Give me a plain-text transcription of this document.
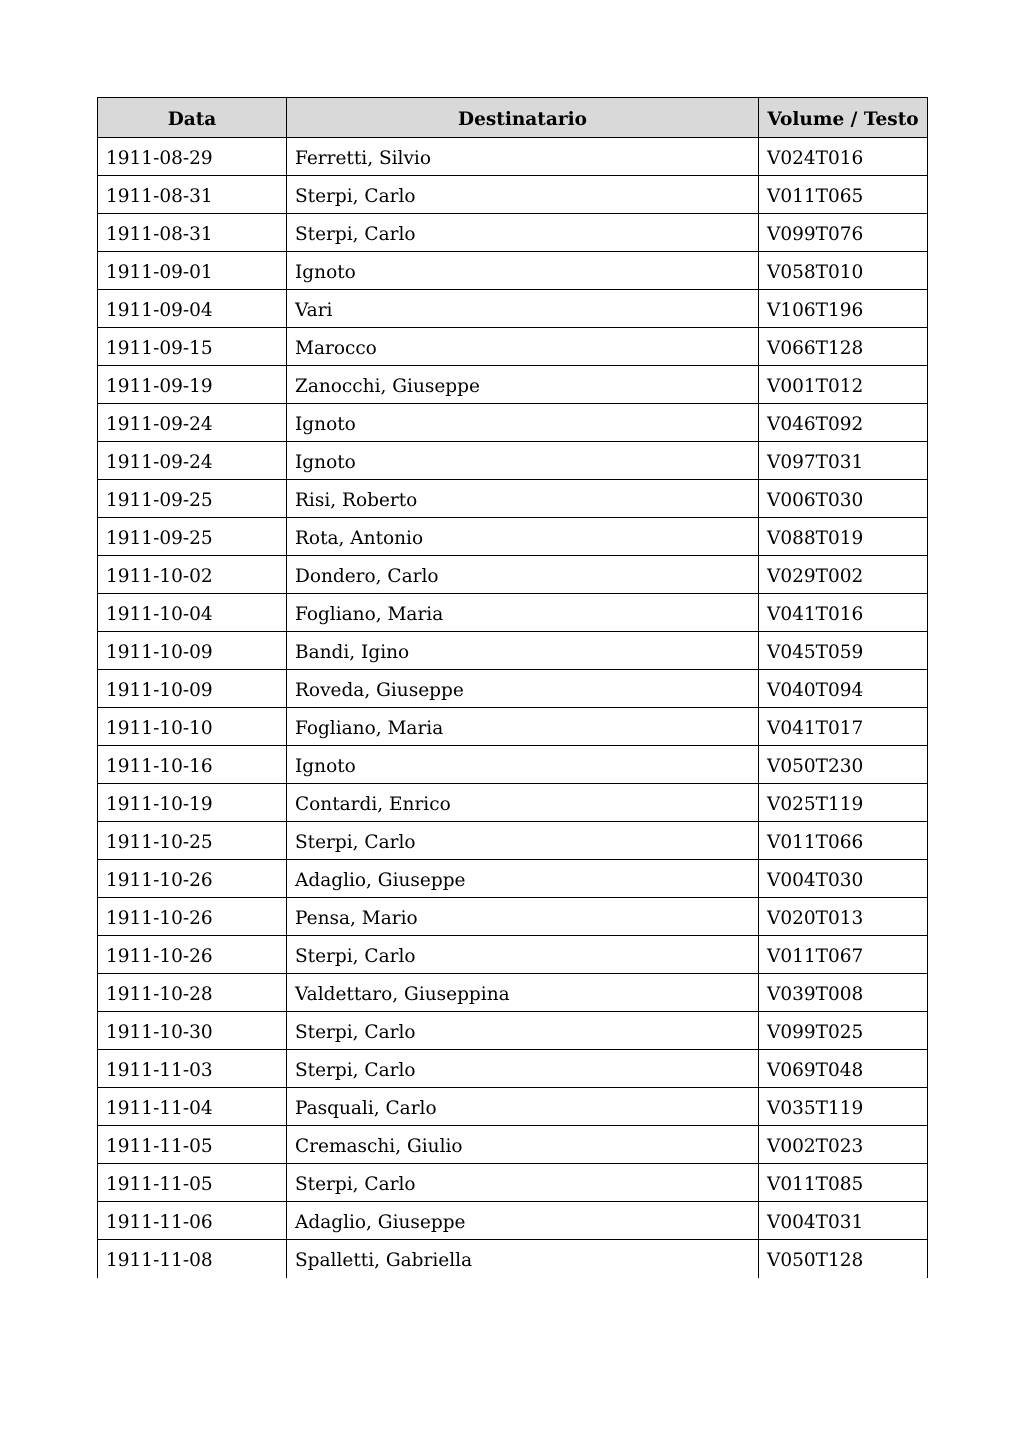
Data	Destinatario	Volume / Testo
1911-08-29	Ferretti, Silvio	V024T016
1911-08-31	Sterpi, Carlo	V011T065
1911-08-31	Sterpi, Carlo	V099T076
1911-09-01	Ignoto	V058T010
1911-09-04	Vari	V106T196
1911-09-15	Marocco	V066T128
1911-09-19	Zanocchi, Giuseppe	V001T012
1911-09-24	Ignoto	V046T092
1911-09-24	Ignoto	V097T031
1911-09-25	Risi, Roberto	V006T030
1911-09-25	Rota, Antonio	V088T019
1911-10-02	Dondero, Carlo	V029T002
1911-10-04	Fogliano, Maria	V041T016
1911-10-09	Bandi, Igino	V045T059
1911-10-09	Roveda, Giuseppe	V040T094
1911-10-10	Fogliano, Maria	V041T017
1911-10-16	Ignoto	V050T230
1911-10-19	Contardi, Enrico	V025T119
1911-10-25	Sterpi, Carlo	V011T066
1911-10-26	Adaglio, Giuseppe	V004T030
1911-10-26	Pensa, Mario	V020T013
1911-10-26	Sterpi, Carlo	V011T067
1911-10-28	Valdettaro, Giuseppina	V039T008
1911-10-30	Sterpi, Carlo	V099T025
1911-11-03	Sterpi, Carlo	V069T048
1911-11-04	Pasquali, Carlo	V035T119
1911-11-05	Cremaschi, Giulio	V002T023
1911-11-05	Sterpi, Carlo	V011T085
1911-11-06	Adaglio, Giuseppe	V004T031
1911-11-08	Spalletti, Gabriella	V050T128
